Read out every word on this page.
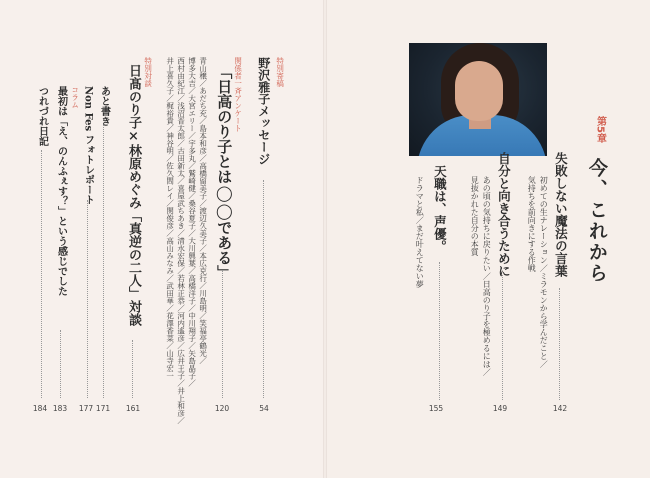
第5章
今、これから
失敗しない魔法の言葉
初めての生ナレーション／ミラモンから学んだこと／
気持ちを前向きにする作戦
142
自分と向き合うために
あの頃の気持ちに戻りたい／日高のり子を極めるには／
見抜かれた自分の本質
149
天職は、声優。
ドラマと私／まだ叶えてない夢
155
特別寄稿
野沢雅子メッセージ
54
関係者一斉アンケート
「日高のり子とは◯◯である」
120
青山穣／あだち充／島本和彦／高橋留美子／渡辺久美子／本広克行／川島明／笑福亭鶴光／
博多大吉／大宮エリー／宇多丸／鷲崎健／桑谷夏子／大川興葉／高橋洋子／中川翔子／矢島晶子／
西村由紀江／浅沼晋太郎／古田新太／喜屋武ちあき／清水宏保／若林正恭／河内遙彦／広井王子／井上和彦／
井上喜久子／梶裕貴／神谷明／佐久間レイ／関俊彦／高山みなみ／武田華／花澤香菜／山寺宏一
特別対談
日髙のり子×林原めぐみ「真逆の二人」対談
161
あと書き
171
Non Fes フォトレポート
177
コラム
最初は「え、のんふぇす？」という感じでした
183
つれづれ日記
184
